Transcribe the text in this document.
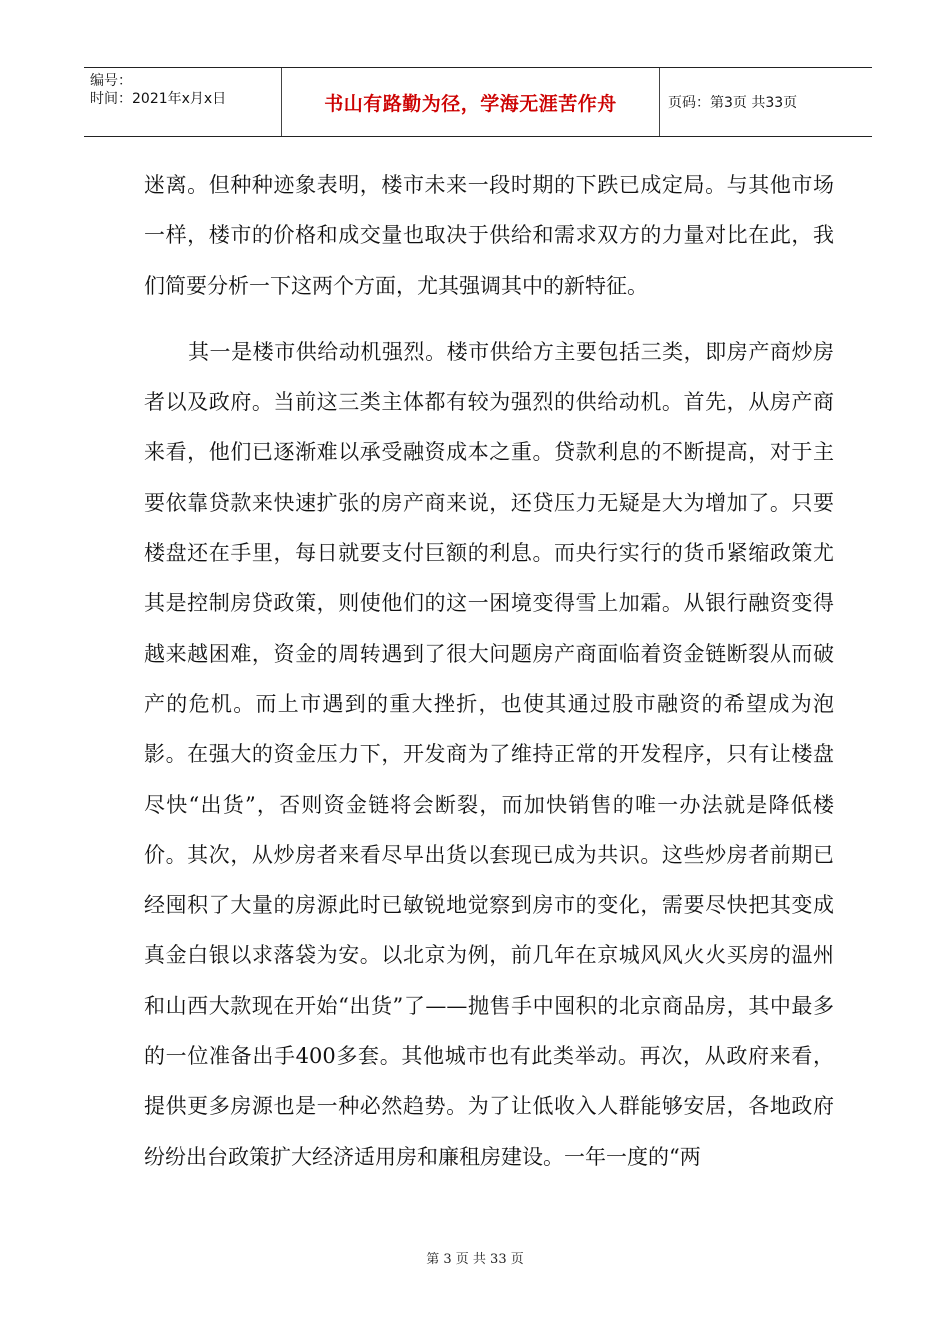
编号：
时间：2021年x月x日	书山有路勤为径，学海无涯苦作舟	页码：第3页 共33页

迷离。但种种迹象表明，楼市未来一段时期的下跌已成定局。与其他市场一样，楼市的价格和成交量也取决于供给和需求双方的力量对比在此，我们简要分析一下这两个方面，尤其强调其中的新特征。

其一是楼市供给动机强烈。楼市供给方主要包括三类，即房产商炒房者以及政府。当前这三类主体都有较为强烈的供给动机。首先，从房产商来看，他们已逐渐难以承受融资成本之重。贷款利息的不断提高，对于主要依靠贷款来快速扩张的房产商来说，还贷压力无疑是大为增加了。只要楼盘还在手里，每日就要支付巨额的利息。而央行实行的货币紧缩政策尤其是控制房贷政策，则使他们的这一困境变得雪上加霜。从银行融资变得越来越困难，资金的周转遇到了很大问题房产商面临着资金链断裂从而破产的危机。而上市遇到的重大挫折，也使其通过股市融资的希望成为泡影。在强大的资金压力下，开发商为了维持正常的开发程序，只有让楼盘尽快“出货”，否则资金链将会断裂，而加快销售的唯一办法就是降低楼价。其次，从炒房者来看尽早出货以套现已成为共识。这些炒房者前期已经囤积了大量的房源此时已敏锐地觉察到房市的变化，需要尽快把其变成真金白银以求落袋为安。以北京为例，前几年在京城风风火火买房的温州和山西大款现在开始“出货”了——抛售手中囤积的北京商品房，其中最多的一位准备出手400多套。其他城市也有此类举动。再次，从政府来看，提供更多房源也是一种必然趋势。为了让低收入人群能够安居，各地政府纷纷出台政策扩大经济适用房和廉租房建设。一年一度的“两

第 3 页 共 33 页
